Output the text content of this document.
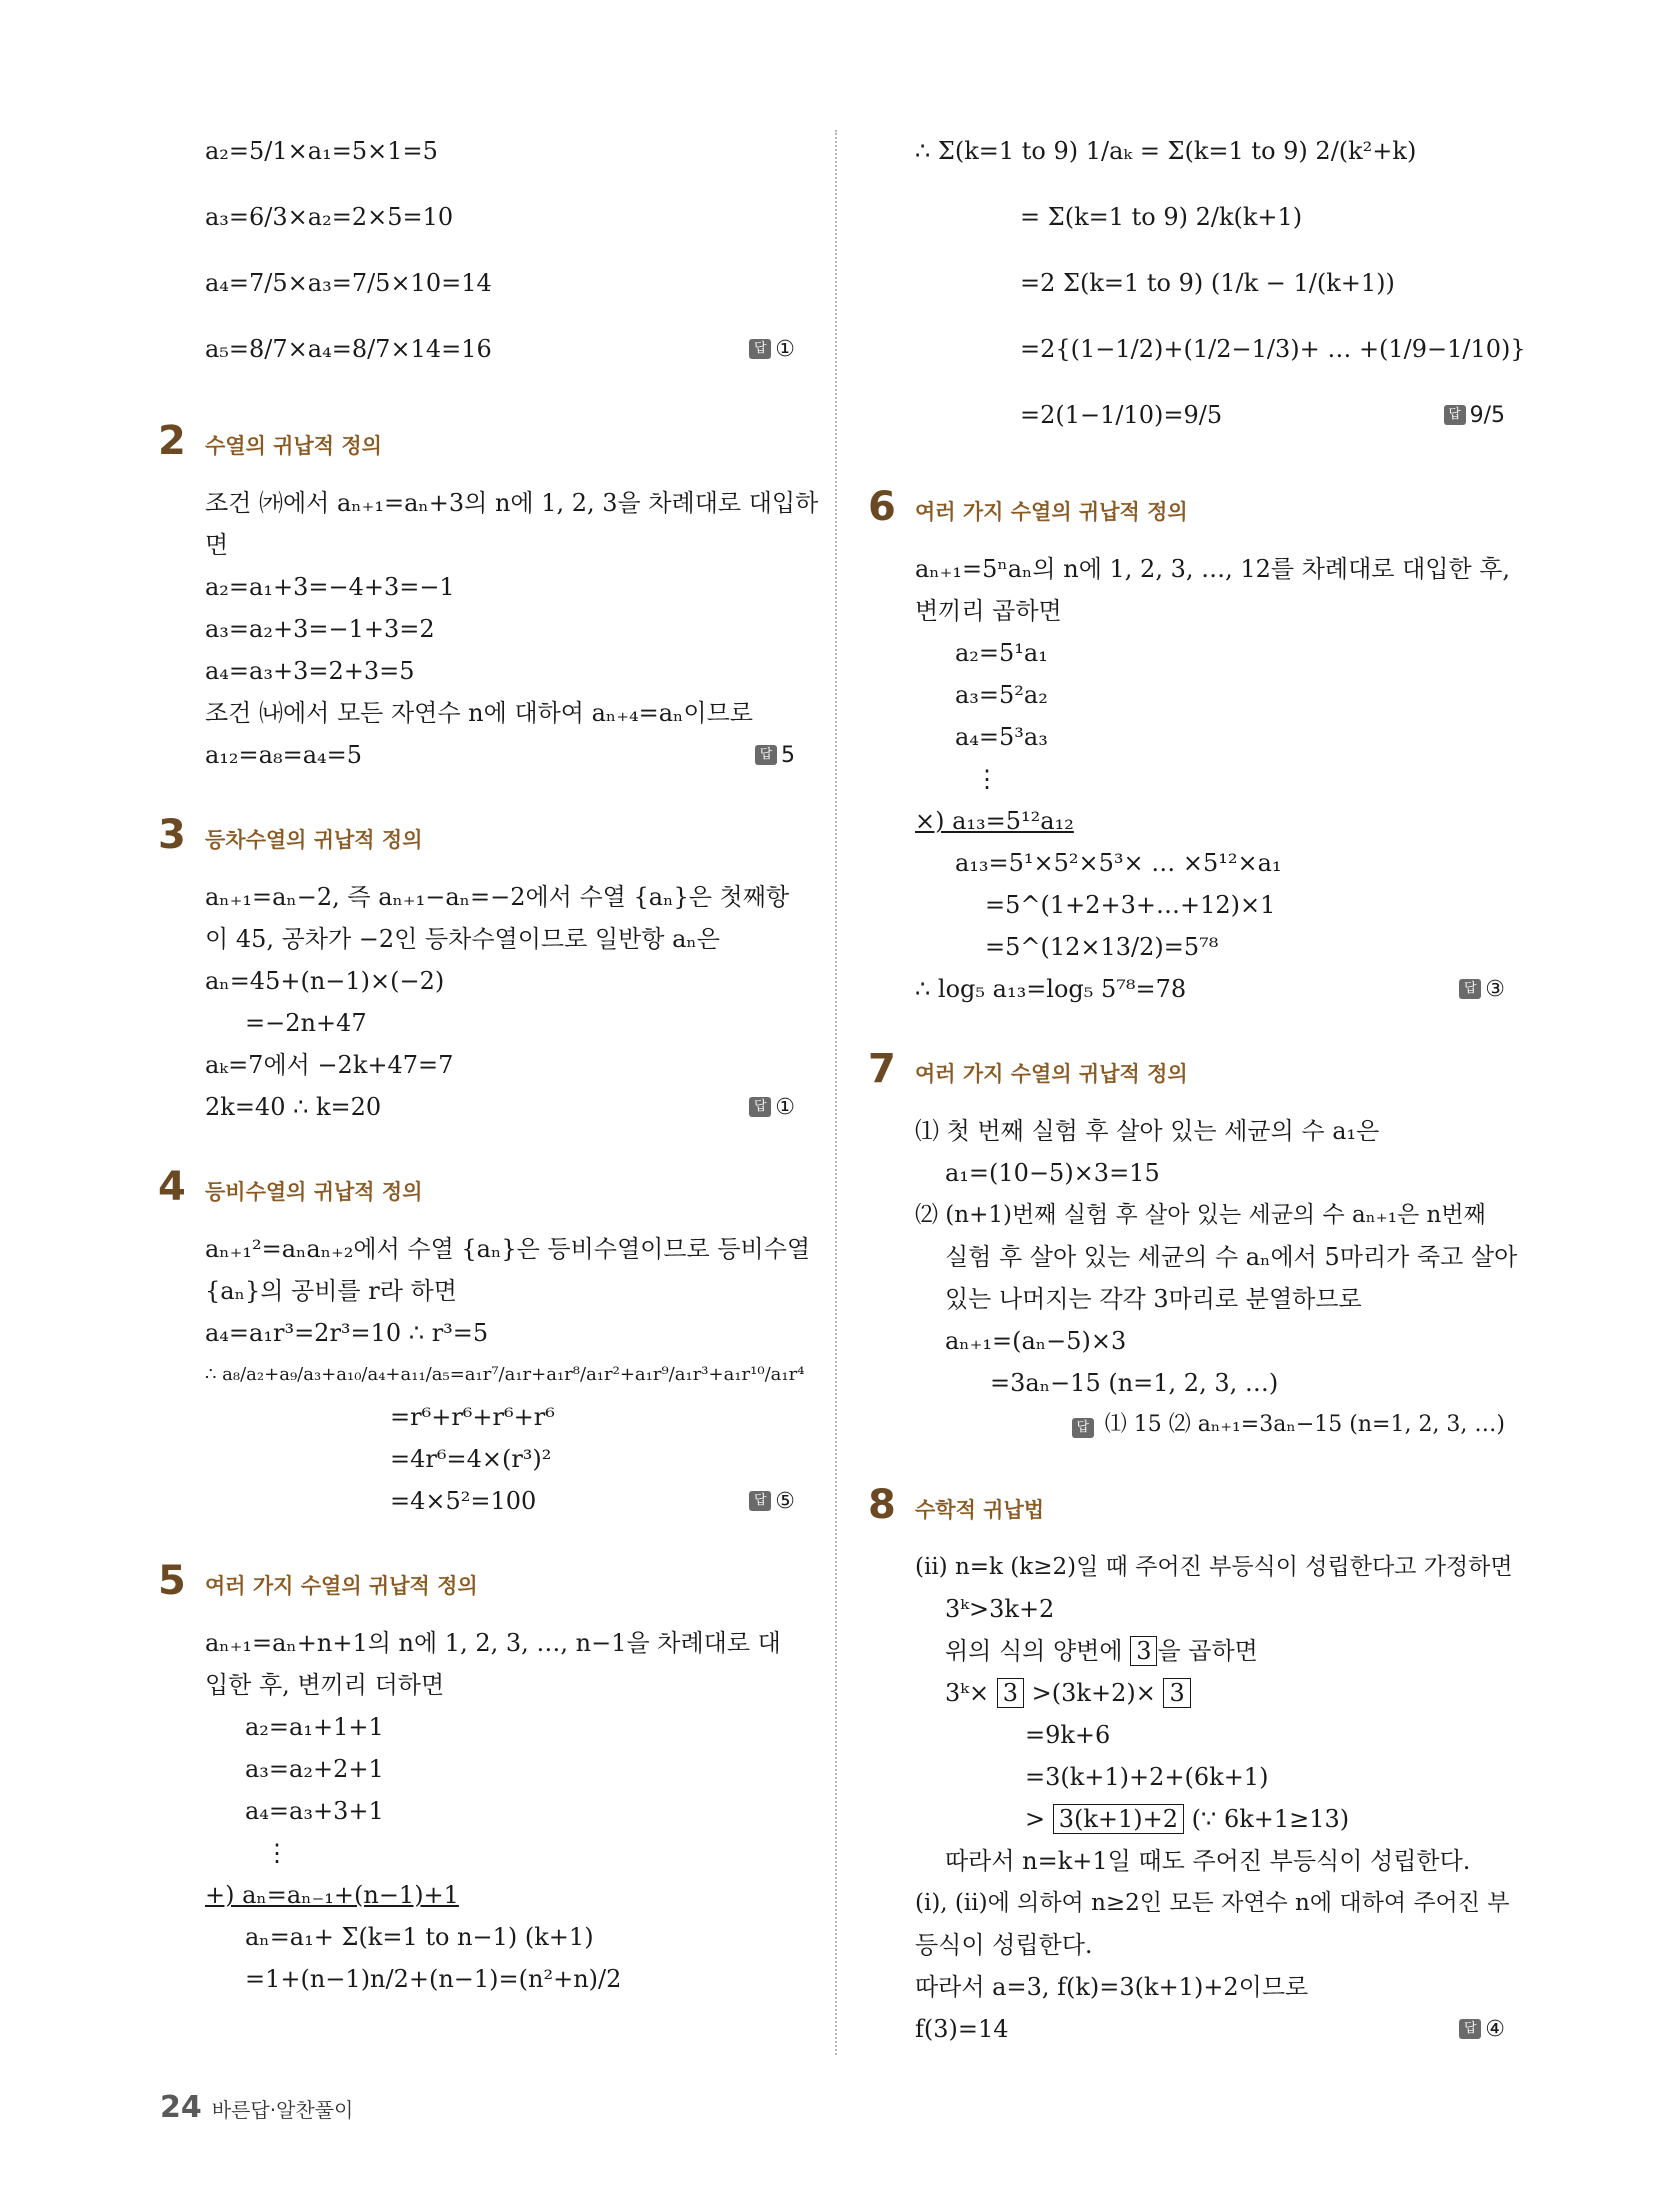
a₂=5/1×a₁=5×1=5
a₃=6/3×a₂=2×5=10
a₄=7/5×a₃=7/5×10=14
a₅=8/7×a₄=8/7×14=16	답 ①
2 수열의 귀납적 정의
조건 ㈎에서 aₙ₊₁=aₙ+3의 n에 1, 2, 3을 차례대로 대입하
면
a₂=a₁+3=−4+3=−1
a₃=a₂+3=−1+3=2
a₄=a₃+3=2+3=5
조건 ㈏에서 모든 자연수 n에 대하여 aₙ₊₄=aₙ이므로
a₁₂=a₈=a₄=5	답 5
3 등차수열의 귀납적 정의
aₙ₊₁=aₙ−2, 즉 aₙ₊₁−aₙ=−2에서 수열 {aₙ}은 첫째항
이 45, 공차가 −2인 등차수열이므로 일반항 aₙ은
aₙ=45+(n−1)×(−2)
=−2n+47
aₖ=7에서 −2k+47=7
2k=40 ∴ k=20	답 ①
4 등비수열의 귀납적 정의
aₙ₊₁²=aₙaₙ₊₂에서 수열 {aₙ}은 등비수열이므로 등비수열
{aₙ}의 공비를 r라 하면
a₄=a₁r³=2r³=10 ∴ r³=5
∴ a₈/a₂+a₉/a₃+a₁₀/a₄+a₁₁/a₅=a₁r⁷/a₁r+a₁r⁸/a₁r²+a₁r⁹/a₁r³+a₁r¹⁰/a₁r⁴
=r⁶+r⁶+r⁶+r⁶
=4r⁶=4×(r³)²
=4×5²=100	답 ⑤
5 여러 가지 수열의 귀납적 정의
aₙ₊₁=aₙ+n+1의 n에 1, 2, 3, …, n−1을 차례대로 대
입한 후, 변끼리 더하면
a₂=a₁+1+1
a₃=a₂+2+1
a₄=a₃+3+1
⋮
+) aₙ=aₙ₋₁+(n−1)+1
aₙ=a₁+ Σ(k=1 to n−1) (k+1)
=1+(n−1)n/2+(n−1)=(n²+n)/2
∴ Σ(k=1 to 9) 1/aₖ = Σ(k=1 to 9) 2/(k²+k)
= Σ(k=1 to 9) 2/k(k+1)
=2 Σ(k=1 to 9) (1/k − 1/(k+1))
=2{(1−1/2)+(1/2−1/3)+ … +(1/9−1/10)}
=2(1−1/10)=9/5	답 9/5
6 여러 가지 수열의 귀납적 정의
aₙ₊₁=5ⁿaₙ의 n에 1, 2, 3, …, 12를 차례대로 대입한 후,
변끼리 곱하면
a₂=5¹a₁
a₃=5²a₂
a₄=5³a₃
⋮
×) a₁₃=5¹²a₁₂
a₁₃=5¹×5²×5³× … ×5¹²×a₁
=5^(1+2+3+…+12)×1
=5^(12×13/2)=5⁷⁸
∴ log₅ a₁₃=log₅ 5⁷⁸=78	답 ③
7 여러 가지 수열의 귀납적 정의
⑴ 첫 번째 실험 후 살아 있는 세균의 수 a₁은
a₁=(10−5)×3=15
⑵ (n+1)번째 실험 후 살아 있는 세균의 수 aₙ₊₁은 n번째
실험 후 살아 있는 세균의 수 aₙ에서 5마리가 죽고 살아
있는 나머지는 각각 3마리로 분열하므로
aₙ₊₁=(aₙ−5)×3
=3aₙ−15 (n=1, 2, 3, …)
답 ⑴ 15 ⑵ aₙ₊₁=3aₙ−15 (n=1, 2, 3, …)
8 수학적 귀납법
(ⅱ) n=k (k≥2)일 때 주어진 부등식이 성립한다고 가정하면
3ᵏ>3k+2
위의 식의 양변에 3 을 곱하면
3ᵏ× 3 >(3k+2)× 3
=9k+6
=3(k+1)+2+(6k+1)
> 3(k+1)+2 (∵ 6k+1≥13)
따라서 n=k+1일 때도 주어진 부등식이 성립한다.
(ⅰ), (ⅱ)에 의하여 n≥2인 모든 자연수 n에 대하여 주어진 부
등식이 성립한다.
따라서 a=3, f(k)=3(k+1)+2이므로
f(3)=14	답 ④
24 바른답·알찬풀이
